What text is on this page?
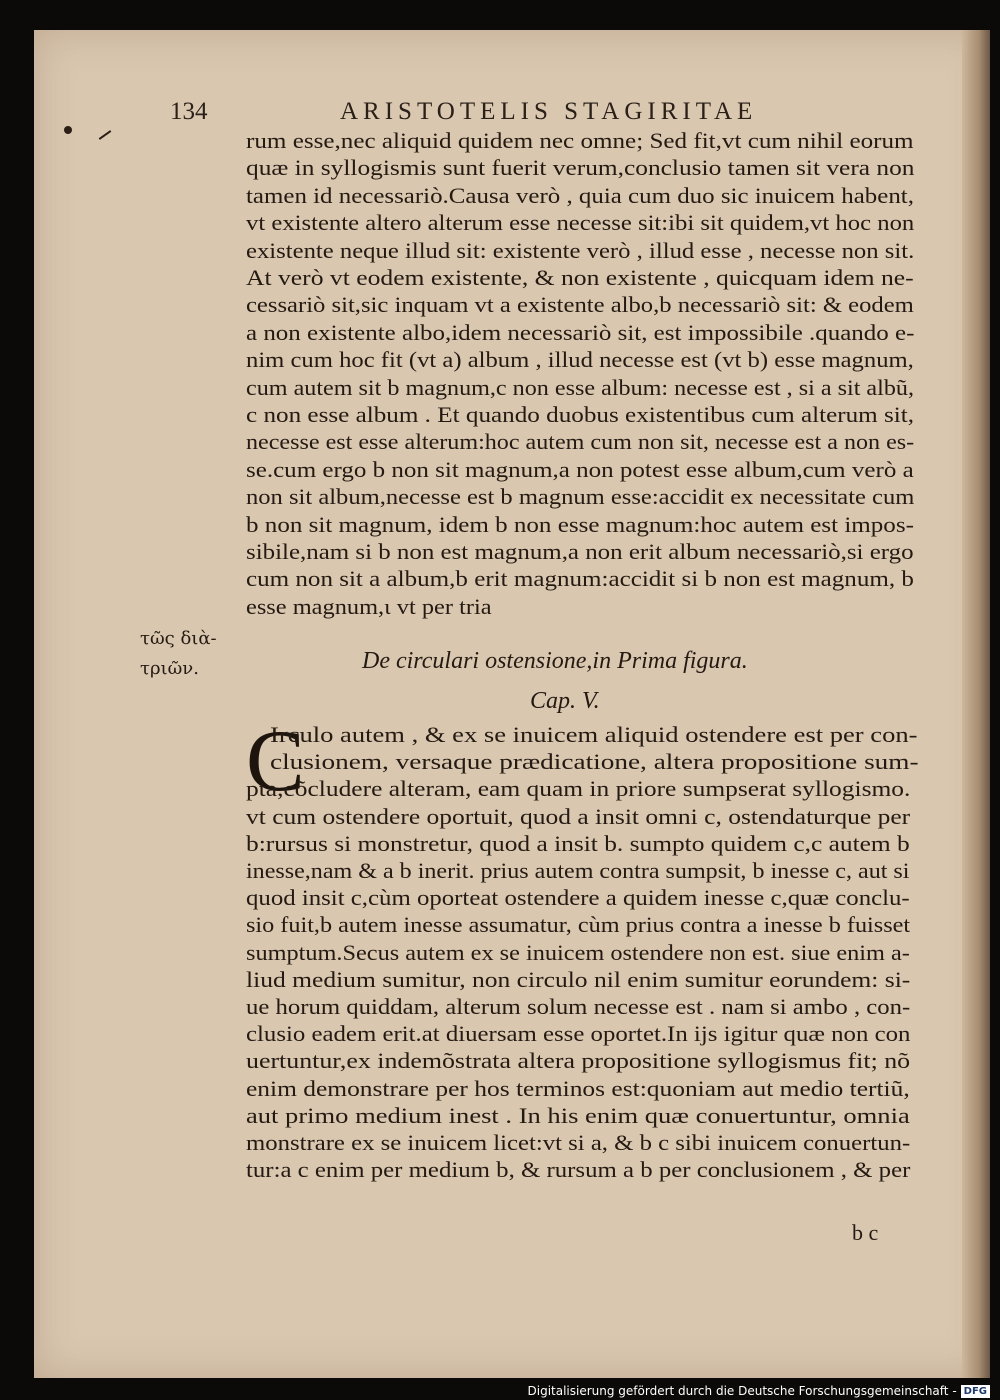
134	ARISTOTELIS STAGIRITAE
rum esse,nec aliquid quidem nec omne; Sed fit,vt cum nihil eorum
quæ in syllogismis sunt fuerit verum,conclusio tamen sit vera non
tamen id necessariò.Causa verò , quia cum duo sic inuicem habent,
vt existente altero alterum esse necesse sit:ibi sit quidem,vt hoc non
existente neque illud sit: existente verò , illud esse , necesse non sit.
At verò vt eodem existente, & non existente , quicquam idem ne-
cessariò sit,sic inquam vt a existente albo,b necessariò sit: & eodem
a non existente albo,idem necessariò sit, est impossibile .quando e-
nim cum hoc fit (vt a) album , illud necesse est (vt b) esse magnum,
cum autem sit b magnum,c non esse album: necesse est , si a sit albũ,
c non esse album . Et quando duobus existentibus cum alterum sit,
necesse est esse alterum:hoc autem cum non sit, necesse est a non es-
se.cum ergo b non sit magnum,a non potest esse album,cum verò a
non sit album,necesse est b magnum esse:accidit ex necessitate cum
b non sit magnum, idem b non esse magnum:hoc autem est impos-
sibile,nam si b non est magnum,a non erit album necessariò,si ergo
cum non sit a album,b erit magnum:accidit si b non est magnum, b
esse magnum,ι vt per tria
τῶς διὰ-
τριῶν.	De circulari ostensione,in Prima figura.
Cap. V.
C
Irculo autem , & ex se inuicem aliquid ostendere est per con-
clusionem, versaque prædicatione, altera propositione sum-
pta,cõcludere alteram, eam quam in priore sumpserat syllogismo.
vt cum ostendere oportuit, quod a insit omni c, ostendaturque per
b:rursus si monstretur, quod a insit b. sumpto quidem c,c autem b
inesse,nam & a b inerit. prius autem contra sumpsit, b inesse c, aut si
quod insit c,cùm oporteat ostendere a quidem inesse c,quæ conclu-
sio fuit,b autem inesse assumatur, cùm prius contra a inesse b fuisset
sumptum.Secus autem ex se inuicem ostendere non est. siue enim a-
liud medium sumitur, non circulo nil enim sumitur eorundem: si-
ue horum quiddam, alterum solum necesse est . nam si ambo , con-
clusio eadem erit.at diuersam esse oportet.In ijs igitur quæ non con
uertuntur,ex indemõstrata altera propositione syllogismus fit; nõ
enim demonstrare per hos terminos est:quoniam aut medio tertiũ,
aut primo medium inest . In his enim quæ conuertuntur, omnia
monstrare ex se inuicem licet:vt si a, & b c sibi inuicem conuertun-
tur:a c enim per medium b, & rursum a b per conclusionem , & per
b c
Digitalisierung gefördert durch die Deutsche Forschungsgemeinschaft - DFG
